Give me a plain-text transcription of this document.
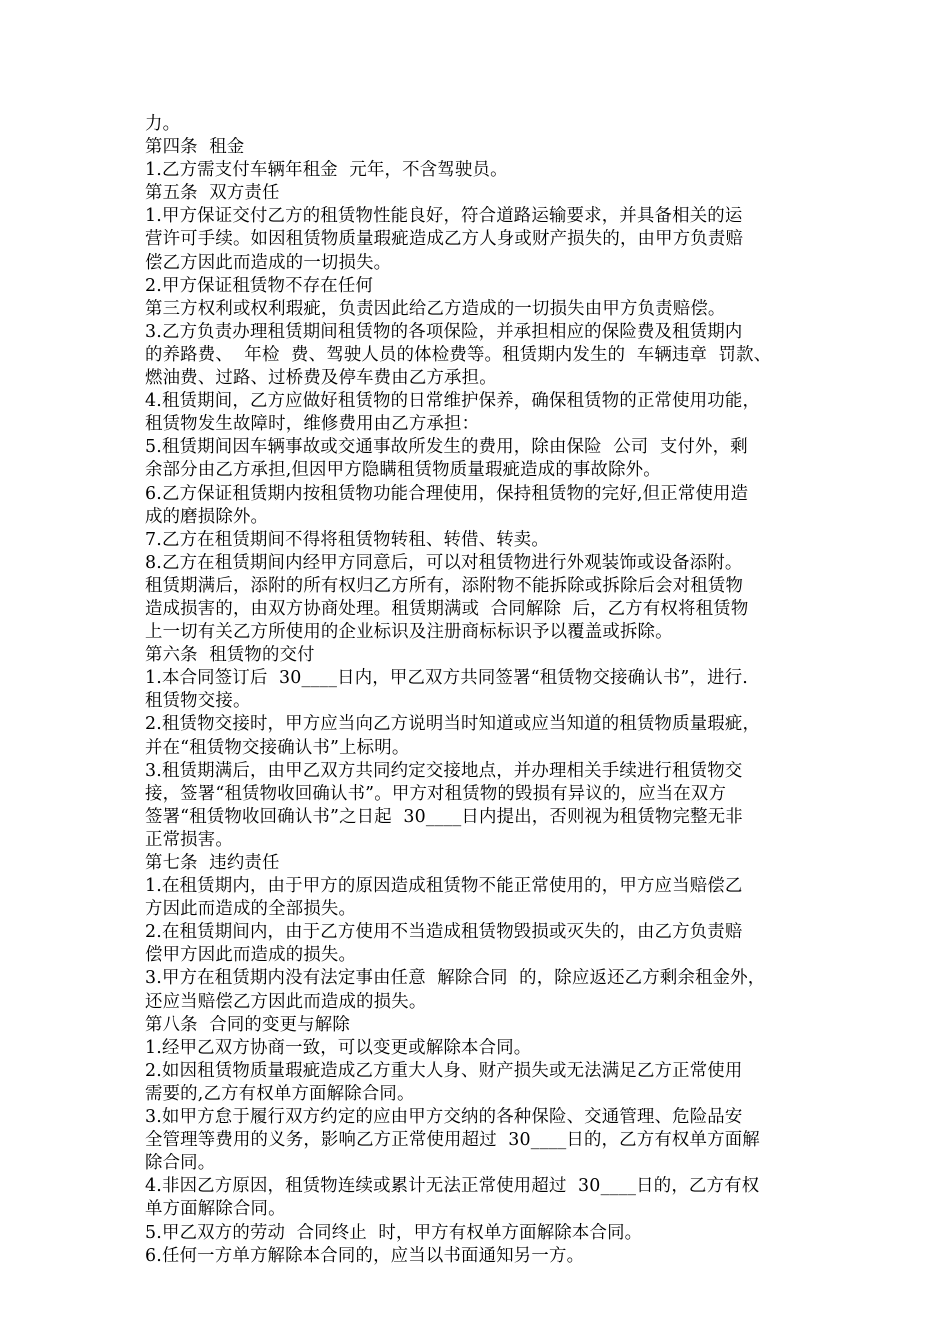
力。
第四条  租金
1.乙方需支付车辆年租金  元年，不含驾驶员。
第五条  双方责任
1.甲方保证交付乙方的租赁物性能良好，符合道路运输要求，并具备相关的运
营许可手续。如因租赁物质量瑕疵造成乙方人身或财产损失的，由甲方负责赔
偿乙方因此而造成的一切损失。
2.甲方保证租赁物不存在任何
第三方权利或权利瑕疵，负责因此给乙方造成的一切损失由甲方负责赔偿。
3.乙方负责办理租赁期间租赁物的各项保险，并承担相应的保险费及租赁期内
的养路费、  年检  费、驾驶人员的体检费等。租赁期内发生的  车辆违章  罚款、
燃油费、过路、过桥费及停车费由乙方承担。
4.租赁期间，乙方应做好租赁物的日常维护保养，确保租赁物的正常使用功能，
租赁物发生故障时，维修费用由乙方承担：
5.租赁期间因车辆事故或交通事故所发生的费用，除由保险  公司  支付外，剩
余部分由乙方承担,但因甲方隐瞒租赁物质量瑕疵造成的事故除外。
6.乙方保证租赁期内按租赁物功能合理使用，保持租赁物的完好,但正常使用造
成的磨损除外。
7.乙方在租赁期间不得将租赁物转租、转借、转卖。
8.乙方在租赁期间内经甲方同意后，可以对租赁物进行外观装饰或设备添附。
租赁期满后，添附的所有权归乙方所有，添附物不能拆除或拆除后会对租赁物
造成损害的，由双方协商处理。租赁期满或  合同解除  后，乙方有权将租赁物
上一切有关乙方所使用的企业标识及注册商标标识予以覆盖或拆除。
第六条  租赁物的交付
1.本合同签订后  30____日内，甲乙双方共同签署“租赁物交接确认书”，进行.
租赁物交接。
2.租赁物交接时，甲方应当向乙方说明当时知道或应当知道的租赁物质量瑕疵，
并在“租赁物交接确认书”上标明。
3.租赁期满后，由甲乙双方共同约定交接地点，并办理相关手续进行租赁物交
接，签署“租赁物收回确认书”。甲方对租赁物的毁损有异议的，应当在双方
签署“租赁物收回确认书”之日起  30____日内提出，否则视为租赁物完整无非
正常损害。
第七条  违约责任
1.在租赁期内，由于甲方的原因造成租赁物不能正常使用的，甲方应当赔偿乙
方因此而造成的全部损失。
2.在租赁期间内，由于乙方使用不当造成租赁物毁损或灭失的，由乙方负责赔
偿甲方因此而造成的损失。
3.甲方在租赁期内没有法定事由任意  解除合同  的，除应返还乙方剩余租金外，
还应当赔偿乙方因此而造成的损失。
第八条  合同的变更与解除
1.经甲乙双方协商一致，可以变更或解除本合同。
2.如因租赁物质量瑕疵造成乙方重大人身、财产损失或无法满足乙方正常使用
需要的,乙方有权单方面解除合同。
3.如甲方怠于履行双方约定的应由甲方交纳的各种保险、交通管理、危险品安
全管理等费用的义务，影响乙方正常使用超过  30____日的，乙方有权单方面解
除合同。
4.非因乙方原因，租赁物连续或累计无法正常使用超过  30____日的，乙方有权
单方面解除合同。
5.甲乙双方的劳动  合同终止  时，甲方有权单方面解除本合同。
6.任何一方单方解除本合同的，应当以书面通知另一方。
